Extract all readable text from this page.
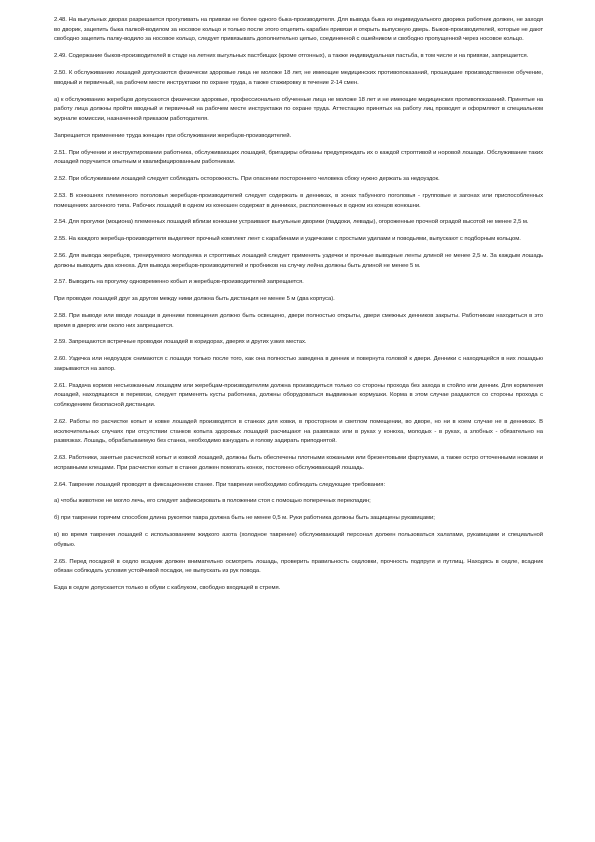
2.48. На выгульных дворах разрешается прогуливать на привязи не более одного быка-производителя. Для вывода быка из индивидуального дворика работник должен, не заходя во дворик, зацепить быка палкой-водилом за носовое кольцо и только после этого отцепить карабин привязи и открыть выпускную дверь. Быков-производителей, которые не дают свободно зацепить палку-водило за носовое кольцо, следует привязывать дополнительно цепью, соединенной с ошейником и свободно пропущенной через носовое кольцо.

2.49. Содержание быков-производителей в стаде на летних выгульных пастбищах (кроме отгонных), а также индивидуальная пастьба, в том числе и на привязи, запрещается.

2.50. К обслуживанию лошадей допускаются физически здоровые лица не моложе 18 лет, не имеющие медицинских противопоказаний, прошедшие производственное обучение, вводный и первичный, на рабочем месте инструктажи по охране труда, а также стажировку в течение 2-14 смен.

а) к обслуживанию жеребцов допускаются физически здоровые, профессионально обученные лица не моложе 18 лет и не имеющие медицинских противопоказаний. Принятые на работу лица должны пройти вводный и первичный на рабочем месте инструктажи по охране труда. Аттестацию принятых на работу лиц проводят и оформляют в специальном журнале комиссии, назначенной приказом работодателя.

Запрещается применение труда женщин при обслуживании жеребцов-производителей.

2.51. При обучении и инструктировании работника, обслуживающих лошадей, бригадиры обязаны предупреждать их о каждой строптивой и норовой лошади. Обслуживание таких лошадей поручается опытным и квалифицированным работникам.

2.52. При обслуживании лошадей следует соблюдать осторожность. При опасении постороннего человека сбоку нужно держать за недоуздок.

2.53. В конюшнях племенного поголовья жеребцов-производителей следует содержать в денниках, в зонах табунного поголовья - групповые и загонах или приспособленных помещениях загонного типа. Рабочих лошадей в одном из конюшен содержат в денниках, расположенных в одном из концов конюшни.

2.54. Для прогулки (моциона) племенных лошадей вблизи конюшни устраивают выгульные дворики (паддоки, левады), огороженные прочной оградой высотой не менее 2,5 м.

2.55. На каждого жеребца-производителя выделяют прочный комплект лент с карабинами и уздечками с простыми удилами и поводьями, выпускают с подборным кольцом.

2.56. Для вывода жеребцов, тренируемого молодняка и строптивых лошадей следует применять уздечки и прочные выводные ленты длиной не менее 2,5 м. За каждым лошадь должны выводить два конюха. Для вывода жеребцов-производителей и пробников на случку лейна должны быть длиной не менее 5 м.

2.57. Выводить на прогулку одновременно кобыл и жеребцов-производителей запрещается.

При проводке лошадей друг за другом между ними должна быть дистанция не менее 5 м (два корпуса).

2.58. При выводе или вводе лошади в денники помещения должно быть освещено, двери полностью открыты, двери смежных денников закрыты. Работникам находиться в это время в дверях или около них запрещается.

2.59. Запрещаются встречные проводки лошадей в коридорах, дверях и других узких местах.

2.60. Уздечка или недоуздок снимаются с лошади только после того, как она полностью заведена в денник и повернута головой к двери. Денники с находящейся в них лошадью закрываются на запор.

2.61. Раздача кормов несъезжанным лошадям или жеребцам-производителям должна производиться только со стороны прохода без захода в стойло или денник. Для кормления лошадей, находящихся в перевязи, следует применять кусты работника, должны оборудоваться выдвижные кормушки. Корма в этом случае раздаются со стороны прохода с соблюдением безопасной дистанции.

2.62. Работы по расчистке копыт и ковке лошадей производятся в станках для ковки, в просторном и светлом помещении, во дворе, но ни в коем случае не в денниках. В исключительных случаях при отсутствии станков копыта здоровых лошадей расчищают на развязках или в руках у конюха, молодых - в руках, а злобных - обязательно на развязках. Лошадь, обрабатываемую без станка, необходимо взнуздать и голову задирать приподнятой.

2.63. Работники, занятые расчисткой копыт и ковкой лошадей, должны быть обеспечены плотными кожаными или брезентовыми фартуками, а также остро отточенными ножами и исправными клещами. При расчистке копыт в станке должен помогать конюх, постоянно обслуживающий лошадь.

2.64. Таврение лошадей проводят в фиксационном станке. При таврении необходимо соблюдать следующие требования:

а) чтобы животное не могло лечь, его следует зафиксировать в положении стоя с помощью поперечных перекладин;

б) при таврении горячим способом длина рукоятки тавра должна быть не менее 0,5 м. Руки работника должны быть защищены рукавицами;

в) во время таврения лошадей с использованием жидкого азота (холодное таврение) обслуживающий персонал должен пользоваться халатами, рукавицами и специальной обувью.

2.65. Перед посадкой в седло всадник должен внимательно осмотреть лошадь, проверить правильность седловки, прочность подпруги и путлищ. Находясь в седле, всадник обязан соблюдать условия устойчивой посадки, не выпускать из рук повода.

Езда в седле допускается только в обуви с каблуком, свободно входящей в стремя.
